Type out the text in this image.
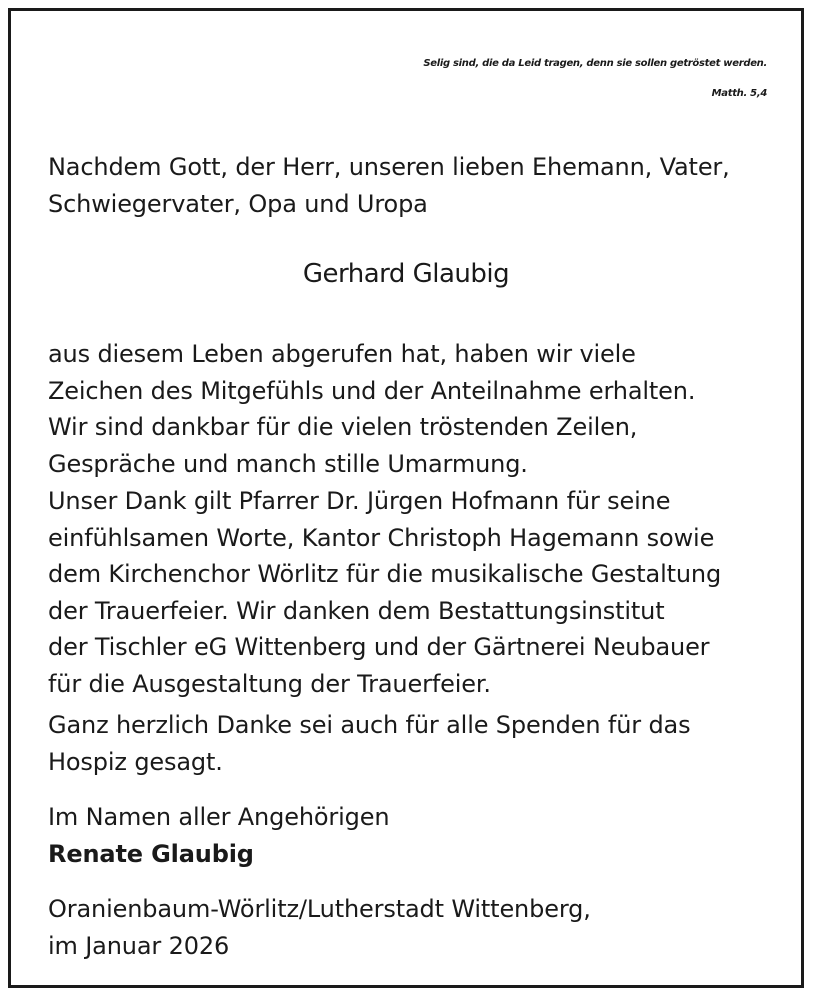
Selig sind, die da Leid tragen, denn sie sollen getröstet werden.
Matth. 5,4
Nachdem Gott, der Herr, unseren lieben Ehemann, Vater,
Schwiegervater, Opa und Uropa
Gerhard Glaubig
aus diesem Leben abgerufen hat, haben wir viele
Zeichen des Mitgefühls und der Anteilnahme erhalten.
Wir sind dankbar für die vielen tröstenden Zeilen,
Gespräche und manch stille Umarmung.
Unser Dank gilt Pfarrer Dr. Jürgen Hofmann für seine
einfühlsamen Worte, Kantor Christoph Hagemann sowie
dem Kirchenchor Wörlitz für die musikalische Gestaltung
der Trauerfeier. Wir danken dem Bestattungsinstitut
der Tischler eG Wittenberg und der Gärtnerei Neubauer
für die Ausgestaltung der Trauerfeier.
Ganz herzlich Danke sei auch für alle Spenden für das
Hospiz gesagt.
Im Namen aller Angehörigen
Renate Glaubig
Oranienbaum-Wörlitz/Lutherstadt Wittenberg,
im Januar 2026
